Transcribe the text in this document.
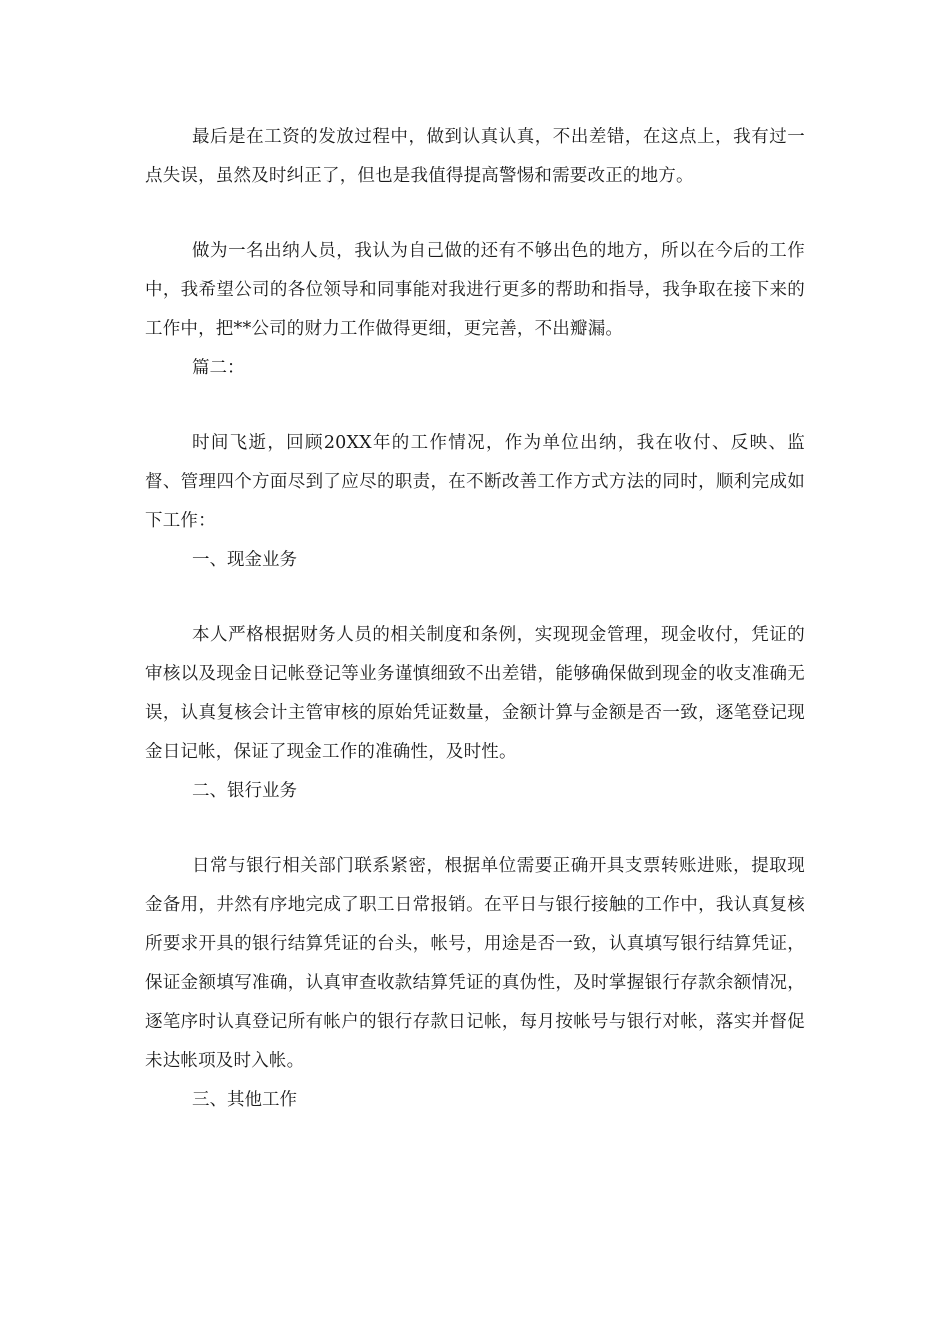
最后是在工资的发放过程中，做到认真认真，不出差错，在这点上，我有过一点失误，虽然及时纠正了，但也是我值得提高警惕和需要改正的地方。

做为一名出纳人员，我认为自己做的还有不够出色的地方，所以在今后的工作中，我希望公司的各位领导和同事能对我进行更多的帮助和指导，我争取在接下来的工作中，把**公司的财力工作做得更细，更完善，不出瓣漏。

篇二：

时间飞逝，回顾20XX年的工作情况，作为单位出纳，我在收付、反映、监督、管理四个方面尽到了应尽的职责，在不断改善工作方式方法的同时，顺利完成如下工作：

一、现金业务

本人严格根据财务人员的相关制度和条例，实现现金管理，现金收付，凭证的审核以及现金日记帐登记等业务谨慎细致不出差错，能够确保做到现金的收支准确无误，认真复核会计主管审核的原始凭证数量，金额计算与金额是否一致，逐笔登记现金日记帐，保证了现金工作的准确性，及时性。

二、银行业务

日常与银行相关部门联系紧密，根据单位需要正确开具支票转账进账，提取现金备用，井然有序地完成了职工日常报销。在平日与银行接触的工作中，我认真复核所要求开具的银行结算凭证的台头，帐号，用途是否一致，认真填写银行结算凭证，保证金额填写准确，认真审查收款结算凭证的真伪性，及时掌握银行存款余额情况，逐笔序时认真登记所有帐户的银行存款日记帐，每月按帐号与银行对帐，落实并督促未达帐项及时入帐。

三、其他工作
